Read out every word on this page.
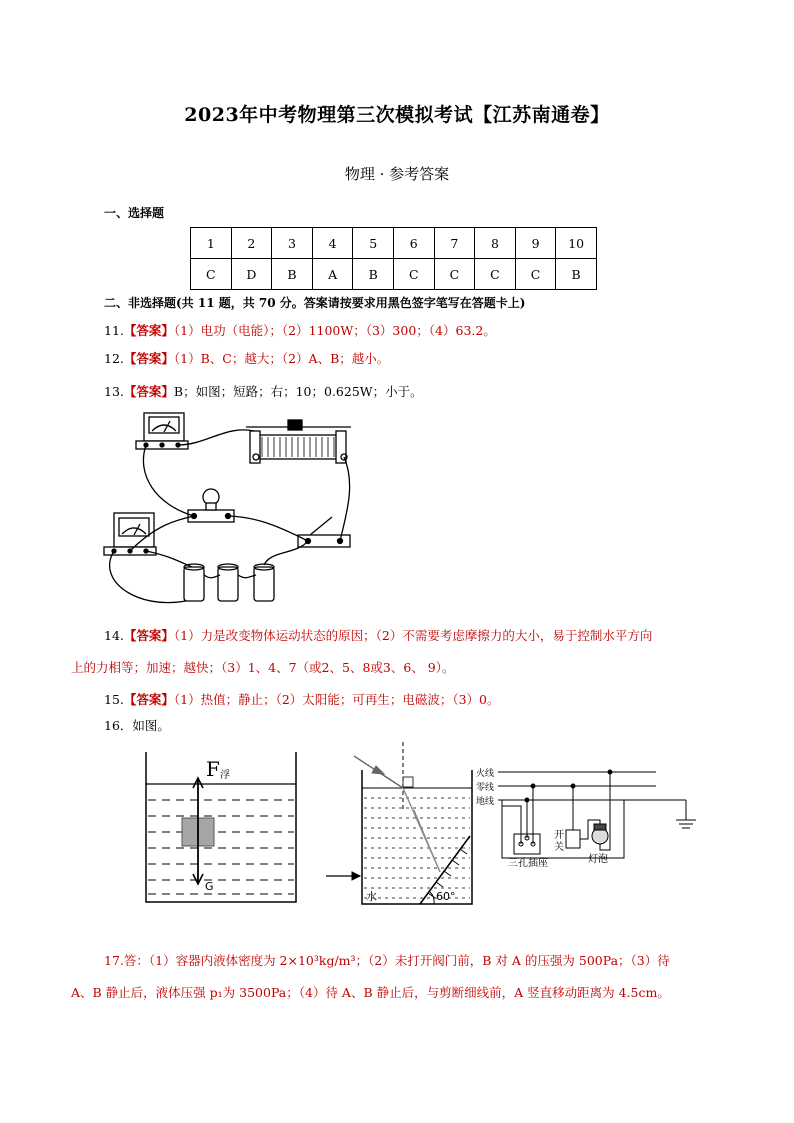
2023年中考物理第三次模拟考试【江苏南通卷】
物理 · 参考答案
一、选择题
1	2	3	4	5	6	7	8	9	10
C	D	B	A	B	C	C	C	C	B
二、非选择题(共 11 题，共 70 分。答案请按要求用黑色签字笔写在答题卡上)
11.【答案】（1）电功（电能）；（2）1100W；（3）300；（4）63.2。
12.【答案】（1）B、C；越大；（2）A、B；越小。
13.【答案】B；如图；短路；右；10；0.625W；小于。
14.【答案】（1）力是改变物体运动状态的原因；（2）不需要考虑摩擦力的大小，易于控制水平方向
上的力相等；加速；越快；（3）1、4、7（或2、5、8或3、6、 9）。
15.【答案】（1）热值；静止；（2）太阳能；可再生；电磁波；（3）0。
16．如图。
F 浮
G
水	60°
火线
零线
地线
三孔插座
开
关
灯泡
17.答：（1）容器内液体密度为 2×10³kg/m³；（2）未打开阀门前，B 对 A 的压强为 500Pa；（3）待
A、B 静止后，液体压强 p₁为 3500Pa；（4）待 A、B 静止后，与剪断细线前，A 竖直移动距离为 4.5cm。
